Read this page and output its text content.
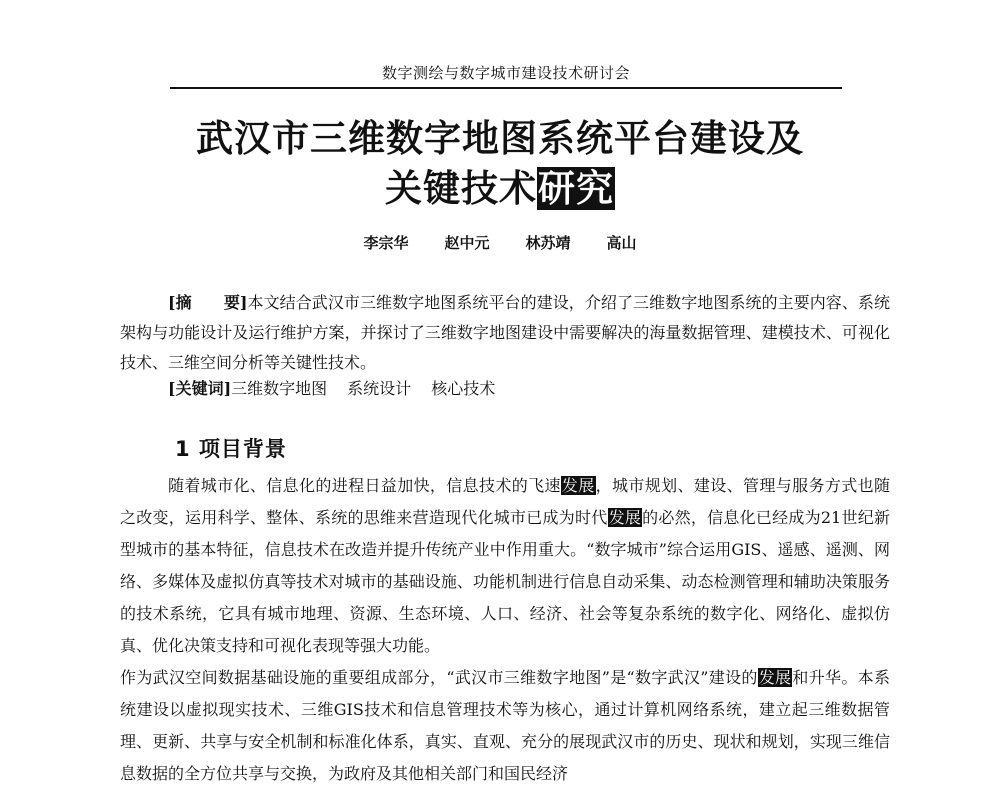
数字测绘与数字城市建设技术研讨会
武汉市三维数字地图系统平台建设及
关键技术研究
李宗华 赵中元 林苏靖 高山

[摘　　要]本文结合武汉市三维数字地图系统平台的建设，介绍了三维数字地图系统的主要内容、系统架构与功能设计及运行维护方案，并探讨了三维数字地图建设中需要解决的海量数据管理、建模技术、可视化技术、三维空间分析等关键性技术。

[关键词]三维数字地图 系统设计 核心技术
1 项目背景

随着城市化、信息化的进程日益加快，信息技术的飞速发展，城市规划、建设、管理与服务方式也随之改变，运用科学、整体、系统的思维来营造现代化城市已成为时代发展的必然，信息化已经成为21世纪新型城市的基本特征，信息技术在改造并提升传统产业中作用重大。“数字城市”综合运用GIS、遥感、遥测、网络、多媒体及虚拟仿真等技术对城市的基础设施、功能机制进行信息自动采集、动态检测管理和辅助决策服务的技术系统，它具有城市地理、资源、生态环境、人口、经济、社会等复杂系统的数字化、网络化、虚拟仿真、优化决策支持和可视化表现等强大功能。

作为武汉空间数据基础设施的重要组成部分，“武汉市三维数字地图”是“数字武汉”建设的发展和升华。本系统建设以虚拟现实技术、三维GIS技术和信息管理技术等为核心，通过计算机网络系统，建立起三维数据管理、更新、共享与安全机制和标准化体系，真实、直观、充分的展现武汉市的历史、现状和规划，实现三维信息数据的全方位共享与交换，为政府及其他相关部门和国民经济
